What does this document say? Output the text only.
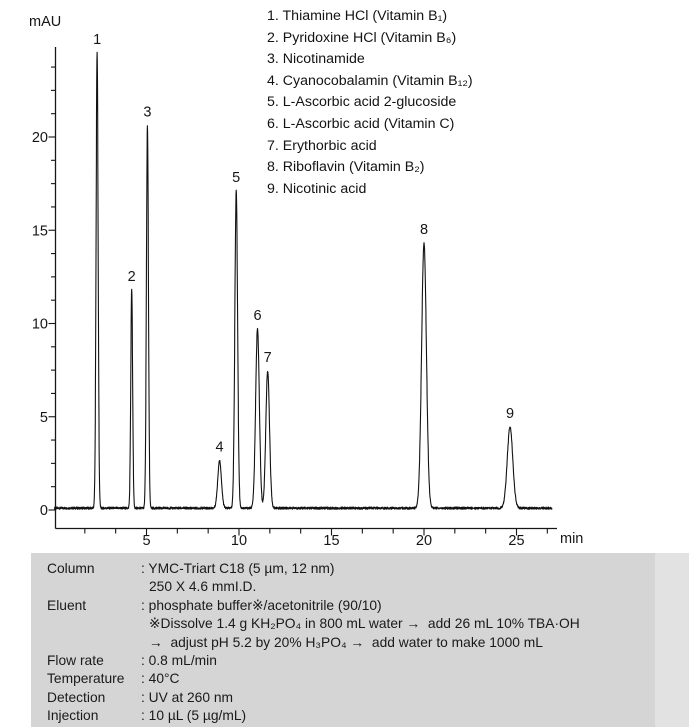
5	10	15	20	25
0
5
10
15
20
mAU
min
1
2
3
4
5
6
7
8
9
1. Thiamine HCl (Vitamin B₁)
2. Pyridoxine HCl (Vitamin B₆)
3. Nicotinamide
4. Cyanocobalamin (Vitamin B₁₂)
5. L-Ascorbic acid 2-glucoside
6. L-Ascorbic acid (Vitamin C)
7. Erythorbic acid
8. Riboflavin (Vitamin B₂)
9. Nicotinic acid
Column	: YMC-Triart C18 (5 µm, 12 nm)
250 X 4.6 mmI.D.
Eluent	: phosphate buffer※/acetonitrile (90/10)
※Dissolve 1.4 g KH₂PO₄ in 800 mL water →  add 26 mL 10% TBA·OH
→  adjust pH 5.2 by 20% H₃PO₄ →  add water to make 1000 mL
Flow rate	: 0.8 mL/min
Temperature	: 40°C
Detection	: UV at 260 nm
Injection	: 10 µL (5 µg/mL)
